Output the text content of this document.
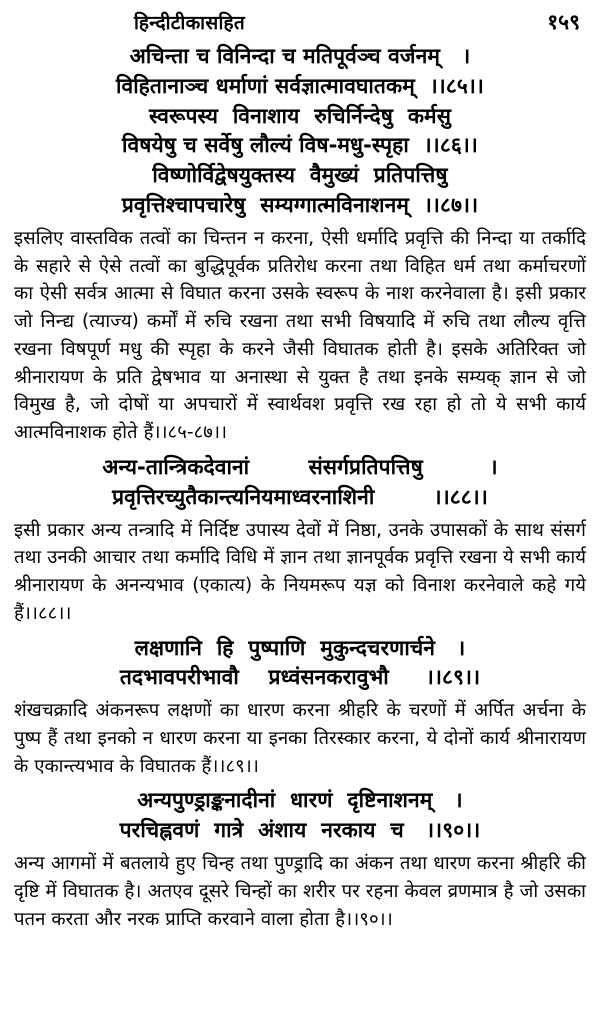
हिन्दीटीकासहित	१५९
अचिन्ता च विनिन्दा च मतिपूर्वञ्च वर्जनम्   ।
विहितानाञ्च धर्माणां सर्वज्ञात्मावघातकम्  ।।८५।।
स्वरूपस्य  विनाशाय  रुचिर्निन्देषु  कर्मसु
विषयेषु च सर्वेषु लौल्यं विष-मधु-स्पृहा  ।।८६।।
विष्णोर्विद्वेषयुक्तस्य  वैमुख्यं  प्रतिपत्तिषु
प्रवृत्तिश्चापचारेषु  सम्यग्गात्मविनाशनम्  ।।८७।।
इसलिए वास्तविक तत्वों का चिन्तन न करना, ऐसी धर्मादि प्रवृत्ति की निन्दा या तर्कादि के सहारे से ऐसे तत्वों का बुद्धिपूर्वक प्रतिरोध करना तथा विहित धर्म तथा कर्माचरणों का ऐसी सर्वत्र आत्मा से विघात करना उसके स्वरूप के नाश करनेवाला है। इसी प्रकार जो निन्द्य (त्याज्य) कर्मों में रुचि रखना तथा सभी विषयादि में रुचि तथा लौल्य वृत्ति रखना विषपूर्ण मधु की स्पृहा के करने जैसी विघातक होती है। इसके अतिरिक्त जो श्रीनारायण के प्रति द्वेषभाव या अनास्था से युक्त है तथा इनके सम्यक् ज्ञान से जो विमुख है, जो दोषों या अपचारों में स्वार्थवश प्रवृत्ति रख रहा हो तो ये सभी कार्य आत्मविनाशक होते हैं।।८५-८७।।
अन्य-तान्त्रिकदेवानां        संसर्गप्रतिपत्तिषु         ।
प्रवृत्तिरच्युतैकान्त्यनियमाध्वरनाशिनी        ।।८८।।
इसी प्रकार अन्य तन्त्रादि में निर्दिष्ट उपास्य देवों में निष्ठा, उनके उपासकों के साथ संसर्ग तथा उनकी आचार तथा कर्मादि विधि में ज्ञान तथा ज्ञानपूर्वक प्रवृत्ति रखना ये सभी कार्य श्रीनारायण के अनन्यभाव (एकात्य) के नियमरूप यज्ञ को विनाश करनेवाले कहे गये हैं।।८८।।
लक्षणानि  हि  पुष्पाणि  मुकुन्दचरणार्चने   ।
तदभावपरीभावौ    प्रध्वंसनकरावुभौ     ।।८९।।
शंखचक्रादि अंकनरूप लक्षणों का धारण करना श्रीहरि के चरणों में अर्पित अर्चना के पुष्प हैं तथा इनको न धारण करना या इनका तिरस्कार करना, ये दोनों कार्य श्रीनारायण के एकान्त्यभाव के विघातक हैं।।८९।।
अन्यपुण्ड्राङ्कनादीनां  धारणं  दृष्टिनाशनम्   ।
परचिह्नवणं  गात्रे  अंशाय  नरकाय  च   ।।९०।।
अन्य आगमों में बतलाये हुए चिन्ह तथा पुण्ड्रादि का अंकन तथा धारण करना श्रीहरि की दृष्टि में विघातक है। अतएव दूसरे चिन्हों का शरीर पर रहना केवल व्रणमात्र है जो उसका पतन करता और नरक प्राप्ति करवाने वाला होता है।।९०।।
